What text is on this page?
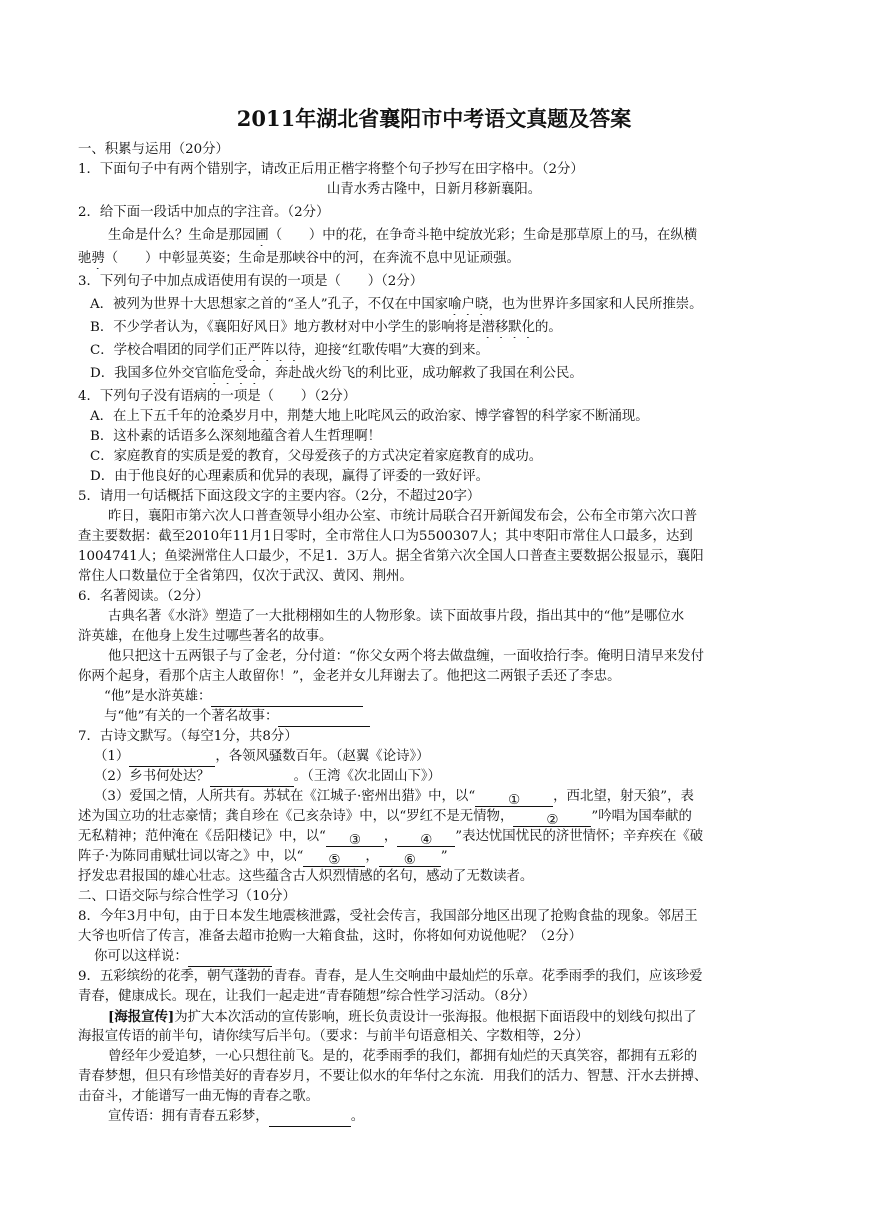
2011年湖北省襄阳市中考语文真题及答案
一、积累与运用（20分）
1．下面句子中有两个错别字，请改正后用正楷字将整个句子抄写在田字格中。（2分）
山青水秀古隆中，日新月移新襄阳。
2．给下面一段话中加点的字注音。（2分）
生命是什么？生命是那园圃（　　）中的花，在争奇斗艳中绽放光彩；生命是那草原上的马，在纵横
驰骋（　　）中彰显英姿；生命是那峡谷中的河，在奔流不息中见证顽强。
3．下列句子中加点成语使用有误的一项是（　　）（2分）
A．被列为世界十大思想家之首的“圣人”孔子，不仅在中国家喻户晓，也为世界许多国家和人民所推崇。
B．不少学者认为，《襄阳好风日》地方教材对中小学生的影响将是潜移默化的。
C．学校合唱团的同学们正严阵以待，迎接“红歌传唱”大赛的到来。
D．我国多位外交官临危受命，奔赴战火纷飞的利比亚，成功解救了我国在利公民。
4．下列句子没有语病的一项是（　　）（2分）
A．在上下五千年的沧桑岁月中，荆楚大地上叱咤风云的政治家、博学睿智的科学家不断涌现。
B．这朴素的话语多么深刻地蕴含着人生哲理啊！
C．家庭教育的实质是爱的教育，父母爱孩子的方式决定着家庭教育的成功。
D．由于他良好的心理素质和优异的表现，赢得了评委的一致好评。
5．请用一句话概括下面这段文字的主要内容。（2分，不超过20字）
昨日，襄阳市第六次人口普查领导小组办公室、市统计局联合召开新闻发布会，公布全市第六次口普
查主要数据：截至2010年11月1日零时，全市常住人口为5500307人；其中枣阳市常住人口最多，达到
1004741人；鱼梁洲常住人口最少，不足1．3万人。据全省第六次全国人口普查主要数据公报显示，襄阳
常住人口数量位于全省第四，仅次于武汉、黄冈、荆州。
6．名著阅读。（2分）
古典名著《水浒》塑造了一大批栩栩如生的人物形象。读下面故事片段，指出其中的“他”是哪位水
浒英雄，在他身上发生过哪些著名的故事。
他只把这十五两银子与了金老，分付道：“你父女两个将去做盘缠，一面收拾行李。俺明日清早来发付
你两个起身，看那个店主人敢留你！”，金老并女儿拜谢去了。他把这二两银子丢还了李忠。
“他”是水浒英雄：
与“他”有关的一个著名故事：
7．古诗文默写。（每空1分，共8分）
（1）	，各领风骚数百年。（赵翼《论诗》）
（2）乡书何处达？	。（王湾《次北固山下》）
（3）爱国之情，人所共有。苏轼在《江城子·密州出猎》中，以“ ① ，西北望，射天狼”，表
述为国立功的壮志豪情；龚自珍在《己亥杂诗》中，以“罗红不是无情物， ② ”吟唱为国奉献的
无私精神；范仲淹在《岳阳楼记》中，以“ ③ ， ④ ”表达忧国忧民的济世情怀；辛弃疾在《破
阵子·为陈同甫赋壮词以寄之》中，以“ ⑤ ， ⑥ ”
抒发忠君报国的雄心壮志。这些蕴含古人炽烈情感的名句，感动了无数读者。
二、口语交际与综合性学习（10分）
8．今年3月中旬，由于日本发生地震核泄露，受社会传言，我国部分地区出现了抢购食盐的现象。邻居王
大爷也听信了传言，准备去超市抢购一大箱食盐，这时，你将如何劝说他呢？（2分）
你可以这样说：
9．五彩缤纷的花季，朝气蓬勃的青春。青春，是人生交响曲中最灿烂的乐章。花季雨季的我们，应该珍爱
青春，健康成长。现在，让我们一起走进“青春随想”综合性学习活动。（8分）
[海报宣传]为扩大本次活动的宣传影响，班长负责设计一张海报。他根据下面语段中的划线句拟出了
海报宣传语的前半句，请你续写后半句。（要求：与前半句语意相关、字数相等，2分）
曾经年少爱追梦，一心只想往前飞。是的，花季雨季的我们，都拥有灿烂的天真笑容，都拥有五彩的
青春梦想，但只有珍惜美好的青春岁月，不要让似水的年华付之东流．用我们的活力、智慧、汗水去拼搏、
击奋斗，才能谱写一曲无悔的青春之歌。
宣传语：拥有青春五彩梦，	。
